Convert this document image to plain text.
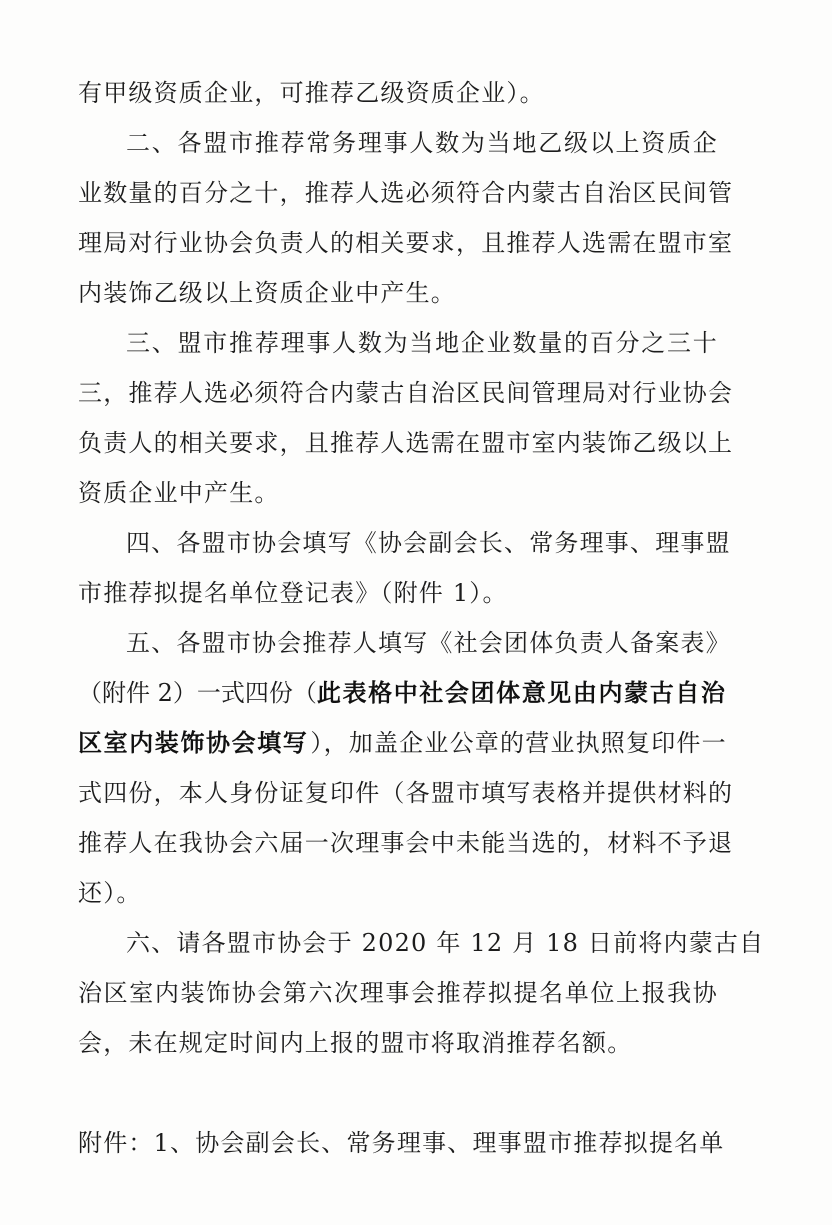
有甲级资质企业，可推荐乙级资质企业）。
二、各盟市推荐常务理事人数为当地乙级以上资质企
业数量的百分之十，推荐人选必须符合内蒙古自治区民间管
理局对行业协会负责人的相关要求，且推荐人选需在盟市室
内装饰乙级以上资质企业中产生。
三、盟市推荐理事人数为当地企业数量的百分之三十
三，推荐人选必须符合内蒙古自治区民间管理局对行业协会
负责人的相关要求，且推荐人选需在盟市室内装饰乙级以上
资质企业中产生。
四、各盟市协会填写《协会副会长、常务理事、理事盟
市推荐拟提名单位登记表》（附件 1）。
五、各盟市协会推荐人填写《社会团体负责人备案表》
（附件 2）一式四份（ 此表格中社会团体意见由内蒙古自治
区室内装饰协会填写 ），加盖企业公章的营业执照复印件一
式四份，本人身份证复印件（各盟市填写表格并提供材料的
推荐人在我协会六届一次理事会中未能当选的，材料不予退
还）。
六、请各盟市协会于 2020 年 12 月 18 日前将内蒙古自
治区室内装饰协会第六次理事会推荐拟提名单位上报我协
会，未在规定时间内上报的盟市将取消推荐名额。
附件：1、协会副会长、常务理事、理事盟市推荐拟提名单
